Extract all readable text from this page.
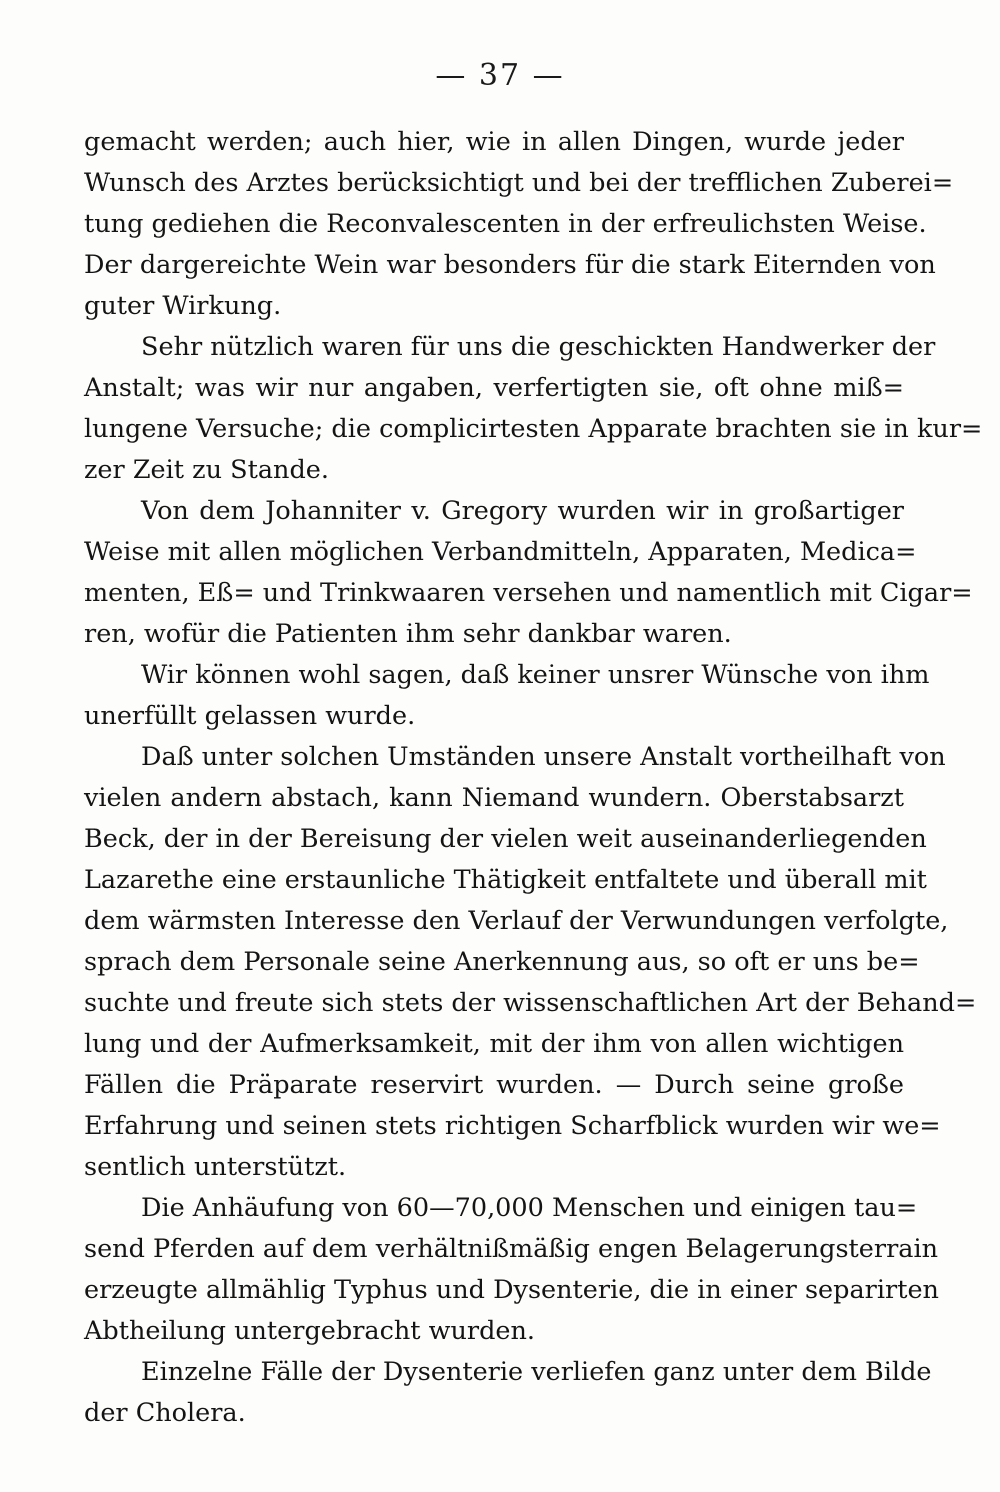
— 37 —
gemacht werden; auch hier, wie in allen Dingen, wurde jeder
Wunsch des Arztes berücksichtigt und bei der trefflichen Zuberei=
tung gediehen die Reconvalescenten in der erfreulichsten Weise.
Der dargereichte Wein war besonders für die stark Eiternden von
guter Wirkung.
Sehr nützlich waren für uns die geschickten Handwerker der
Anstalt; was wir nur angaben, verfertigten sie, oft ohne miß=
lungene Versuche; die complicirtesten Apparate brachten sie in kur=
zer Zeit zu Stande.
Von dem Johanniter v. Gregory wurden wir in großartiger
Weise mit allen möglichen Verbandmitteln, Apparaten, Medica=
menten, Eß= und Trinkwaaren versehen und namentlich mit Cigar=
ren, wofür die Patienten ihm sehr dankbar waren.
Wir können wohl sagen, daß keiner unsrer Wünsche von ihm
unerfüllt gelassen wurde.
Daß unter solchen Umständen unsere Anstalt vortheilhaft von
vielen andern abstach, kann Niemand wundern. Oberstabsarzt
Beck, der in der Bereisung der vielen weit auseinanderliegenden
Lazarethe eine erstaunliche Thätigkeit entfaltete und überall mit
dem wärmsten Interesse den Verlauf der Verwundungen verfolgte,
sprach dem Personale seine Anerkennung aus, so oft er uns be=
suchte und freute sich stets der wissenschaftlichen Art der Behand=
lung und der Aufmerksamkeit, mit der ihm von allen wichtigen
Fällen die Präparate reservirt wurden. — Durch seine große
Erfahrung und seinen stets richtigen Scharfblick wurden wir we=
sentlich unterstützt.
Die Anhäufung von 60—70,000 Menschen und einigen tau=
send Pferden auf dem verhältnißmäßig engen Belagerungsterrain
erzeugte allmählig Typhus und Dysenterie, die in einer separirten
Abtheilung untergebracht wurden.
Einzelne Fälle der Dysenterie verliefen ganz unter dem Bilde
der Cholera.
